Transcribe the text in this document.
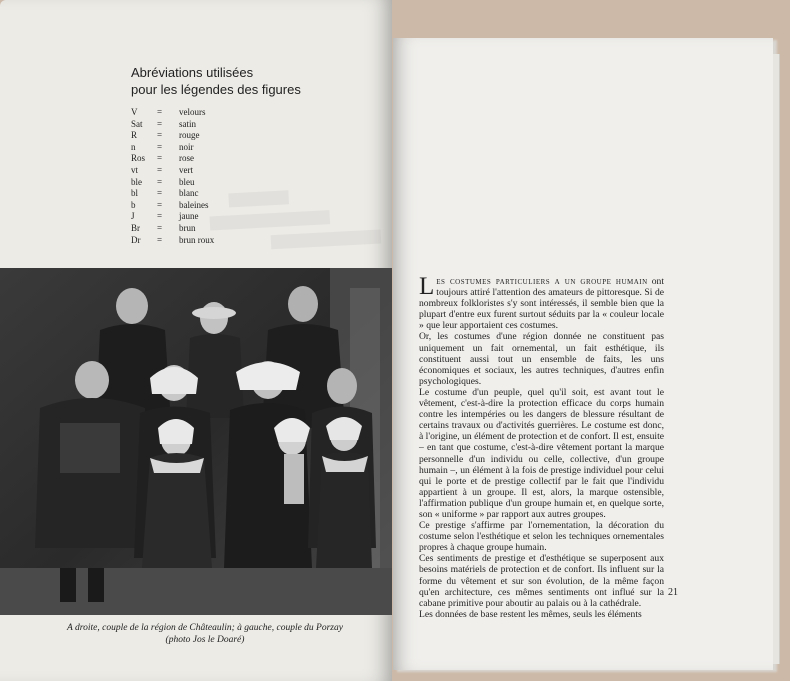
Abréviations utilisées
pour les légendes des figures
V = velours
Sat = satin
R = rouge
n = noir
Ros = rose
vt = vert
ble = bleu
bl = blanc
b = baleines
J = jaune
Br = brun
Dr = brun roux
A droite, couple de la région de Châteaulin; à gauche, couple du Porzay
(photo Jos le Doaré)

Les costumes particuliers a un groupe humain ont toujours attiré l'attention des amateurs de pittoresque. Si de nombreux folkloristes s'y sont intéressés, il semble bien que la plupart d'entre eux furent surtout séduits par la « couleur locale » que leur apportaient ces costumes.

Or, les costumes d'une région donnée ne constituent pas uniquement un fait ornemental, un fait esthétique, ils constituent aussi tout un ensemble de faits, les uns économiques et sociaux, les autres techniques, d'autres enfin psychologiques.

Le costume d'un peuple, quel qu'il soit, est avant tout le vêtement, c'est-à-dire la protection efficace du corps humain contre les intempéries ou les dangers de blessure résultant de certains travaux ou d'activités guerrières. Le costume est donc, à l'origine, un élément de protection et de confort. Il est, ensuite – en tant que costume, c'est-à-dire vêtement portant la marque personnelle d'un individu ou celle, collective, d'un groupe humain –, un élément à la fois de prestige individuel pour celui qui le porte et de prestige collectif par le fait que l'individu appartient à un groupe. Il est, alors, la marque ostensible, l'affirmation publique d'un groupe humain et, en quelque sorte, son « uniforme » par rapport aux autres groupes.

Ce prestige s'affirme par l'ornementation, la décoration du costume selon l'esthétique et selon les techniques ornementales propres à chaque groupe humain.

Ces sentiments de prestige et d'esthétique se superposent aux besoins matériels de protection et de confort. Ils influent sur la forme du vêtement et sur son évolution, de la même façon qu'en architecture, ces mêmes sentiments ont influé sur la cabane primitive pour aboutir au palais ou à la cathédrale.

Les données de base restent les mêmes, seuls les éléments

21
